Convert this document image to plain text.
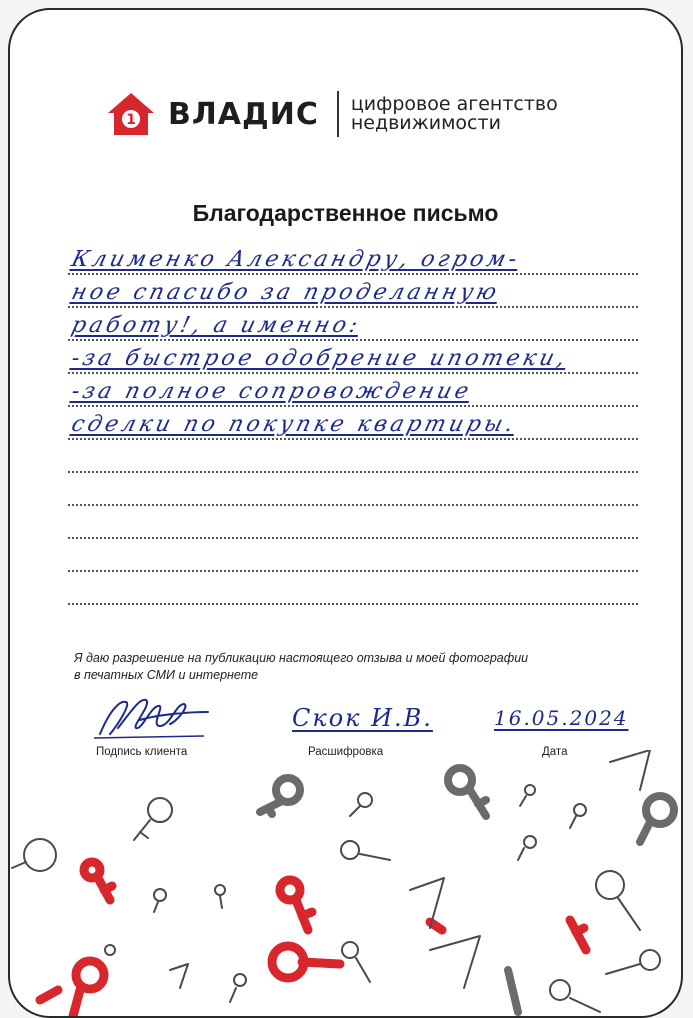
1 ВЛАДИС цифровое агентство
недвижимости
Благодарственное письмо
Клименко Александру, огром-
ное спасибо за проделанную
работу!, а именно:
-за быстрое одобрение ипотеки,
-за полное сопровождение
сделки по покупке квартиры.
Я даю разрешение на публикацию настоящего отзыва и моей фотографии
в печатных СМИ и интернете
Подпись клиента
Скок И.В.
Расшифровка
16.05.2024
Дата
